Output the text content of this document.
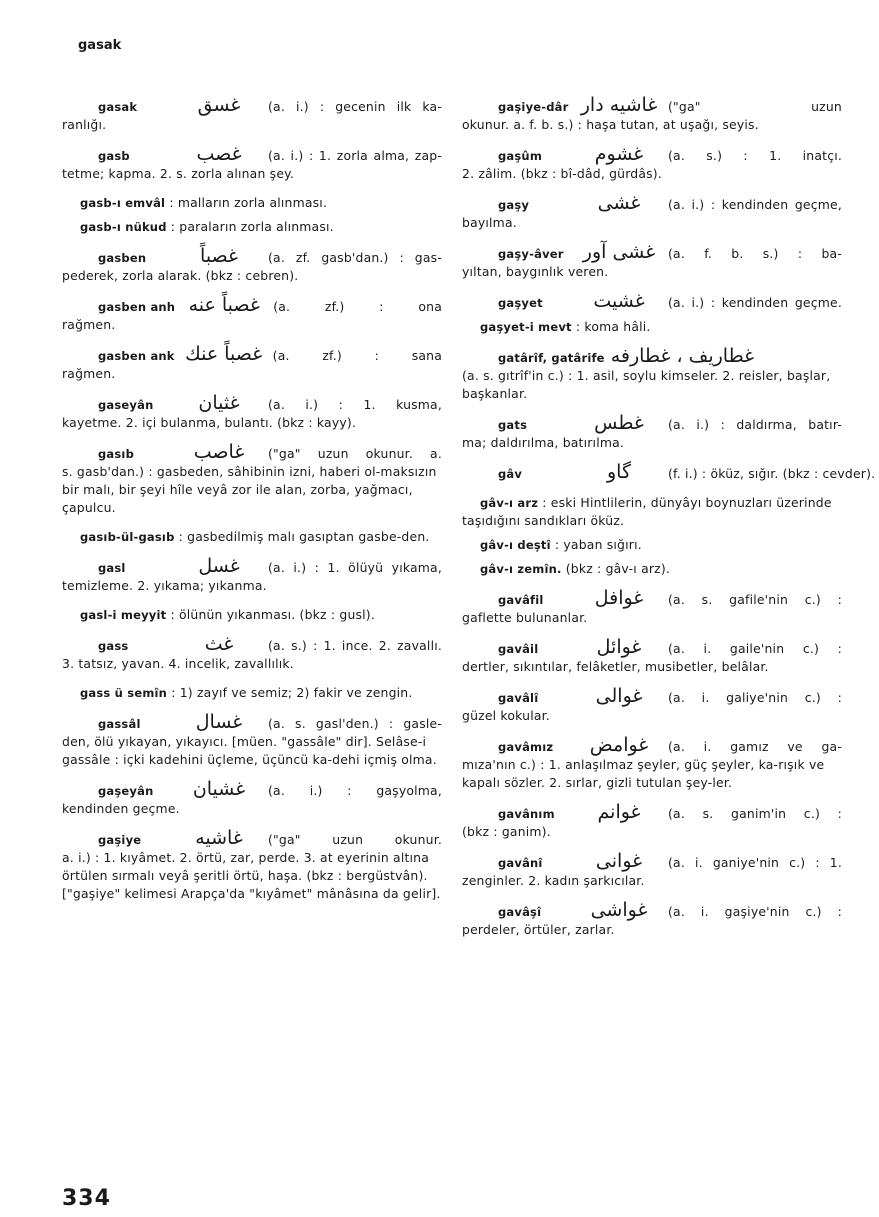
gasak
gasak	غسق	(a. i.) : gecenin ilk ka-
ranlığı.
gasb	غصب	(a. i.) : 1. zorla alma, zap-
tetme; kapma. 2. s. zorla alınan şey.
gasb-ı emvâl : malların zorla alınması.
gasb-ı nükud : paraların zorla alınması.
gasben	غصباً	(a. zf. gasb'dan.) : gas-
pederek, zorla alarak. (bkz : cebren).
gasben anh غصباً عنه	(a. zf.) : ona
rağmen.
gasben ank غصباً عنك (a. zf.) : sana
rağmen.
gaseyân	غثيان	(a. i.) : 1. kusma,
kayetme. 2. içi bulanma, bulantı. (bkz : kayy).
gasıb	غاصب	("ga" uzun okunur. a.
s. gasb'dan.) : gasbeden, sâhibinin izni, haberi ol-maksızın bir malı, bir şeyi hîle veyâ zor ile alan, zorba, yağmacı, çapulcu.
gasıb-ül-gasıb : gasbedilmiş malı gasıptan gasbe-den.
gasl	غسل	(a. i.) : 1. ölüyü yıkama,
temizleme. 2. yıkama; yıkanma.
gasl-i meyyit : ölünün yıkanması. (bkz : gusl).
gass	غث	(a. s.) : 1. ince. 2. zavallı.
3. tatsız, yavan. 4. incelik, zavallılık.
gass ü semîn : 1) zayıf ve semiz; 2) fakir ve zengin.
gassâl	غسال	(a. s. gasl'den.) : gasle-
den, ölü yıkayan, yıkayıcı. [müen. "gassâle" dir]. Selâse-i gassâle : içki kadehini üçleme, üçüncü ka-dehi içmiş olma.
gaşeyân	غشيان	(a. i.) : gaşyolma,
kendinden geçme.
gaşiye	غاشيه	("ga" uzun okunur.
a. i.) : 1. kıyâmet. 2. örtü, zar, perde. 3. at eyerinin altına örtülen sırmalı veyâ şeritli örtü, haşa. (bkz : bergüstvân). ["gaşiye" kelimesi Arapça'da "kıyâmet" mânâsına da gelir].
gaşiye-dâr غاشيه دار ("ga" uzun
okunur. a. f. b. s.) : haşa tutan, at uşağı, seyis.
gaşûm	غشوم	(a. s.) : 1. inatçı.
2. zâlim. (bkz : bî-dâd, gürdâs).
gaşy	غشى	(a. i.) : kendinden geçme,
bayılma.
gaşy-âver	غشى آور	(a. f. b. s.) : ba-
yıltan, baygınlık veren.
gaşyet	غشيت	(a. i.) : kendinden geçme.
gaşyet-i mevt : koma hâli.
gatârîf, gatârife غطاريف ، غطارفه
(a. s. gıtrîf'in c.) : 1. asil, soylu kimseler. 2. reisler, başlar, başkanlar.
gats	غطس	(a. i.) : daldırma, batır-
ma; daldırılma, batırılma.
gâv	گاو	(f. i.) : öküz, sığır. (bkz : cevder).
gâv-ı arz : eski Hintlilerin, dünyâyı boynuzları üzerinde taşıdığını sandıkları öküz.
gâv-ı deştî : yaban sığırı.
gâv-ı zemîn. (bkz : gâv-ı arz).
gavâfil	غوافل	(a. s. gafile'nin c.) :
gaflette bulunanlar.
gavâil	غوائل	(a. i. gaile'nin c.) :
dertler, sıkıntılar, felâketler, musibetler, belâlar.
gavâlî	غوالى	(a. i. galiye'nin c.) :
güzel kokular.
gavâmız	غوامض	(a. i. gamız ve ga-
mıza'nın c.) : 1. anlaşılmaz şeyler, güç şeyler, ka-rışık ve kapalı sözler. 2. sırlar, gizli tutulan şey-ler.
gavânım	غوانم	(a. s. ganim'in c.) :
(bkz : ganim).
gavânî	غوانى	(a. i. ganiye'nin c.) : 1.
zenginler. 2. kadın şarkıcılar.
gavâşî	غواشى	(a. i. gaşiye'nin c.) :
perdeler, örtüler, zarlar.
334
